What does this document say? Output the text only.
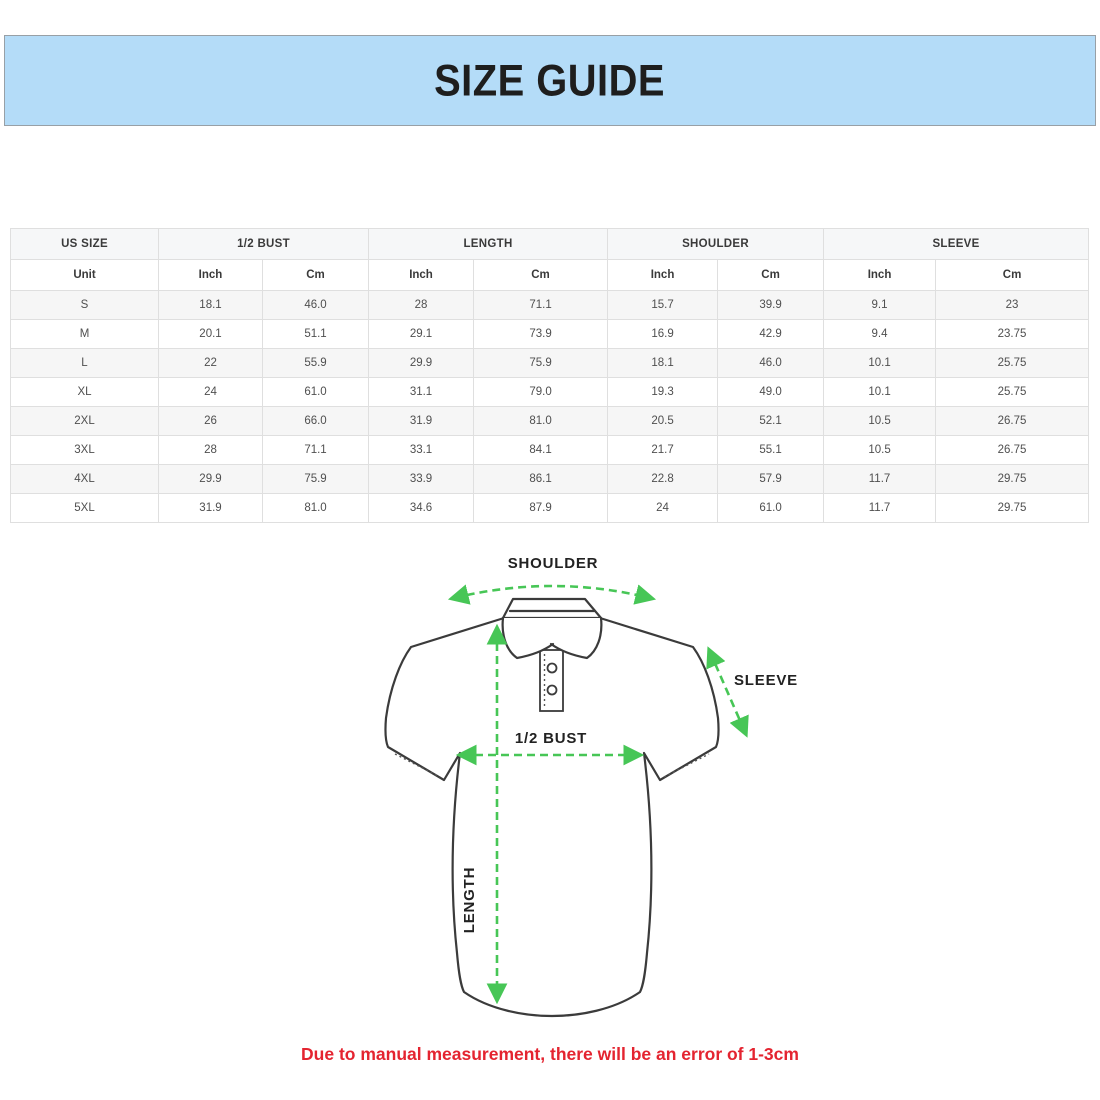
SIZE GUIDE
US SIZE	1/2 BUST		LENGTH		SHOULDER		SLEEVE	
Unit	Inch	Cm	Inch	Cm	Inch	Cm	Inch	Cm
S	18.1	46.0	28	71.1	15.7	39.9	9.1	23
M	20.1	51.1	29.1	73.9	16.9	42.9	9.4	23.75
L	22	55.9	29.9	75.9	18.1	46.0	10.1	25.75
XL	24	61.0	31.1	79.0	19.3	49.0	10.1	25.75
2XL	26	66.0	31.9	81.0	20.5	52.1	10.5	26.75
3XL	28	71.1	33.1	84.1	21.7	55.1	10.5	26.75
4XL	29.9	75.9	33.9	86.1	22.8	57.9	11.7	29.75
5XL	31.9	81.0	34.6	87.9	24	61.0	11.7	29.75
SHOULDER
SLEEVE
1/2 BUST
LENGTH

Due to manual measurement, there will be an error of 1-3cm
